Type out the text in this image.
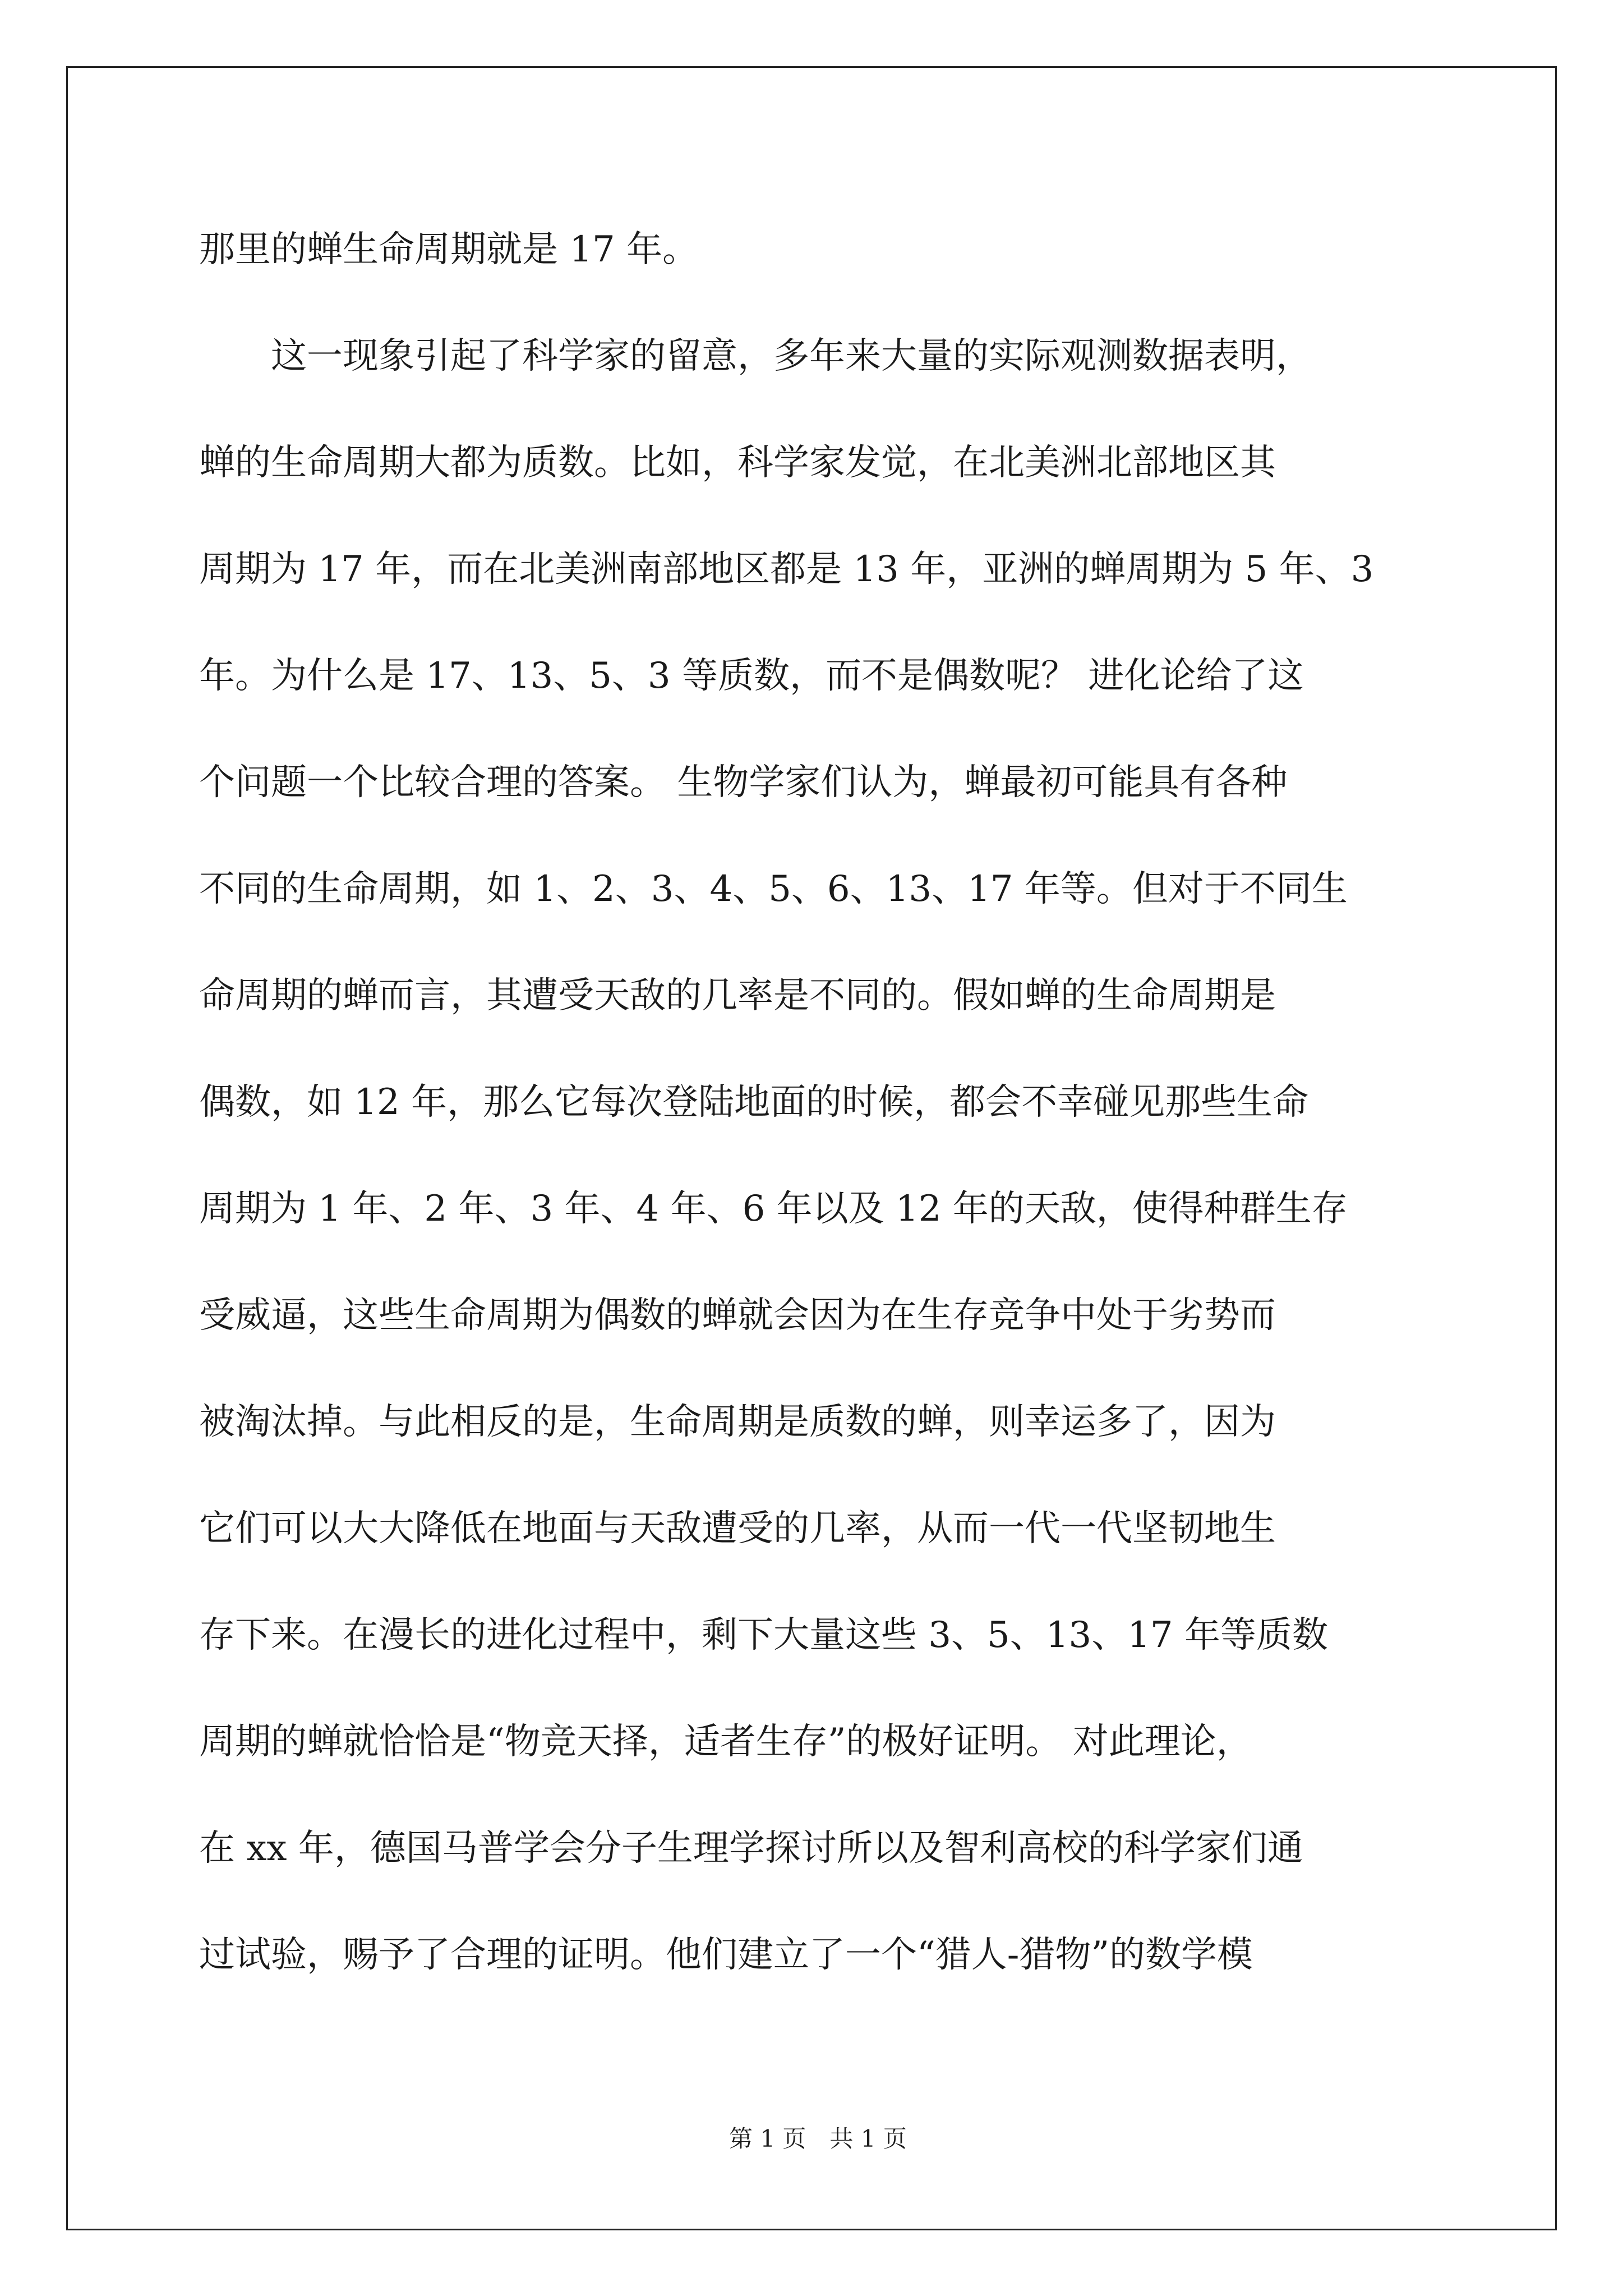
那里的蝉生命周期就是 17 年。
　　这一现象引起了科学家的留意，多年来大量的实际观测数据表明，
蝉的生命周期大都为质数。比如，科学家发觉，在北美洲北部地区其
周期为 17 年，而在北美洲南部地区都是 13 年，亚洲的蝉周期为 5 年、3
年。为什么是 17、13、5、3 等质数，而不是偶数呢？ 进化论给了这
个问题一个比较合理的答案。 生物学家们认为，蝉最初可能具有各种
不同的生命周期，如 1、2、3、4、5、6、13、17 年等。但对于不同生
命周期的蝉而言，其遭受天敌的几率是不同的。假如蝉的生命周期是
偶数，如 12 年，那么它每次登陆地面的时候，都会不幸碰见那些生命
周期为 1 年、2 年、3 年、4 年、6 年以及 12 年的天敌，使得种群生存
受威逼，这些生命周期为偶数的蝉就会因为在生存竞争中处于劣势而
被淘汰掉。与此相反的是，生命周期是质数的蝉，则幸运多了，因为
它们可以大大降低在地面与天敌遭受的几率，从而一代一代坚韧地生
存下来。在漫长的进化过程中，剩下大量这些 3、5、13、17 年等质数
周期的蝉就恰恰是“物竞天择，适者生存”的极好证明。 对此理论，
在 xx 年，德国马普学会分子生理学探讨所以及智利高校的科学家们通
过试验，赐予了合理的证明。他们建立了一个“猎人-猎物”的数学模
第 1 页　共 1 页
